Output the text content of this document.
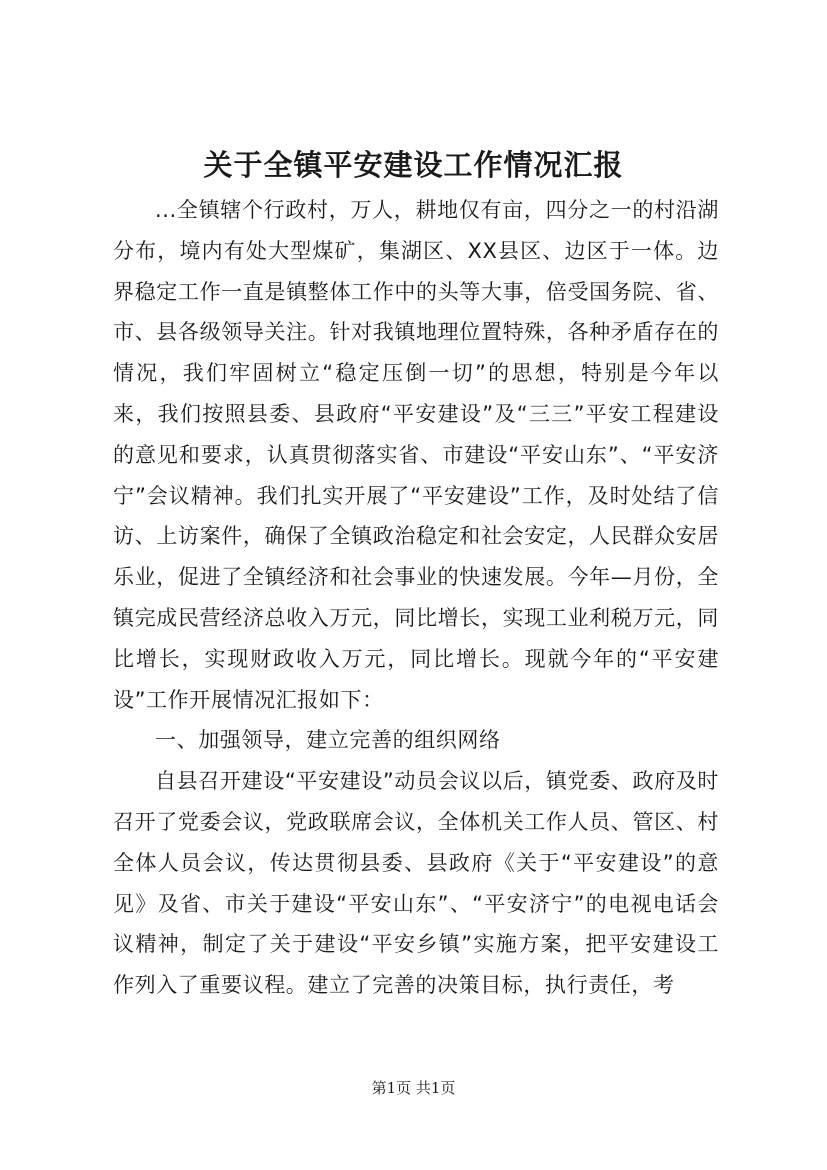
关于全镇平安建设工作情况汇报

...全镇辖个行政村，万人，耕地仅有亩，四分之一的村沿湖分布，境内有处大型煤矿，集湖区、XX县区、边区于一体。边界稳定工作一直是镇整体工作中的头等大事，倍受国务院、省、市、县各级领导关注。针对我镇地理位置特殊，各种矛盾存在的情况，我们牢固树立“稳定压倒一切”的思想，特别是今年以来，我们按照县委、县政府“平安建设”及“三三”平安工程建设的意见和要求，认真贯彻落实省、市建设“平安山东”、“平安济宁”会议精神。我们扎实开展了“平安建设”工作，及时处结了信访、上访案件，确保了全镇政治稳定和社会安定，人民群众安居乐业，促进了全镇经济和社会事业的快速发展。今年—月份，全镇完成民营经济总收入万元，同比增长，实现工业利税万元，同比增长，实现财政收入万元，同比增长。现就今年的“平安建设”工作开展情况汇报如下：

一、加强领导，建立完善的组织网络

自县召开建设“平安建设”动员会议以后，镇党委、政府及时召开了党委会议，党政联席会议，全体机关工作人员、管区、村全体人员会议，传达贯彻县委、县政府《关于“平安建设”的意见》及省、市关于建设“平安山东”、“平安济宁”的电视电话会议精神，制定了关于建设“平安乡镇”实施方案，把平安建设工作列入了重要议程。建立了完善的决策目标，执行责任，考

第1页 共1页
